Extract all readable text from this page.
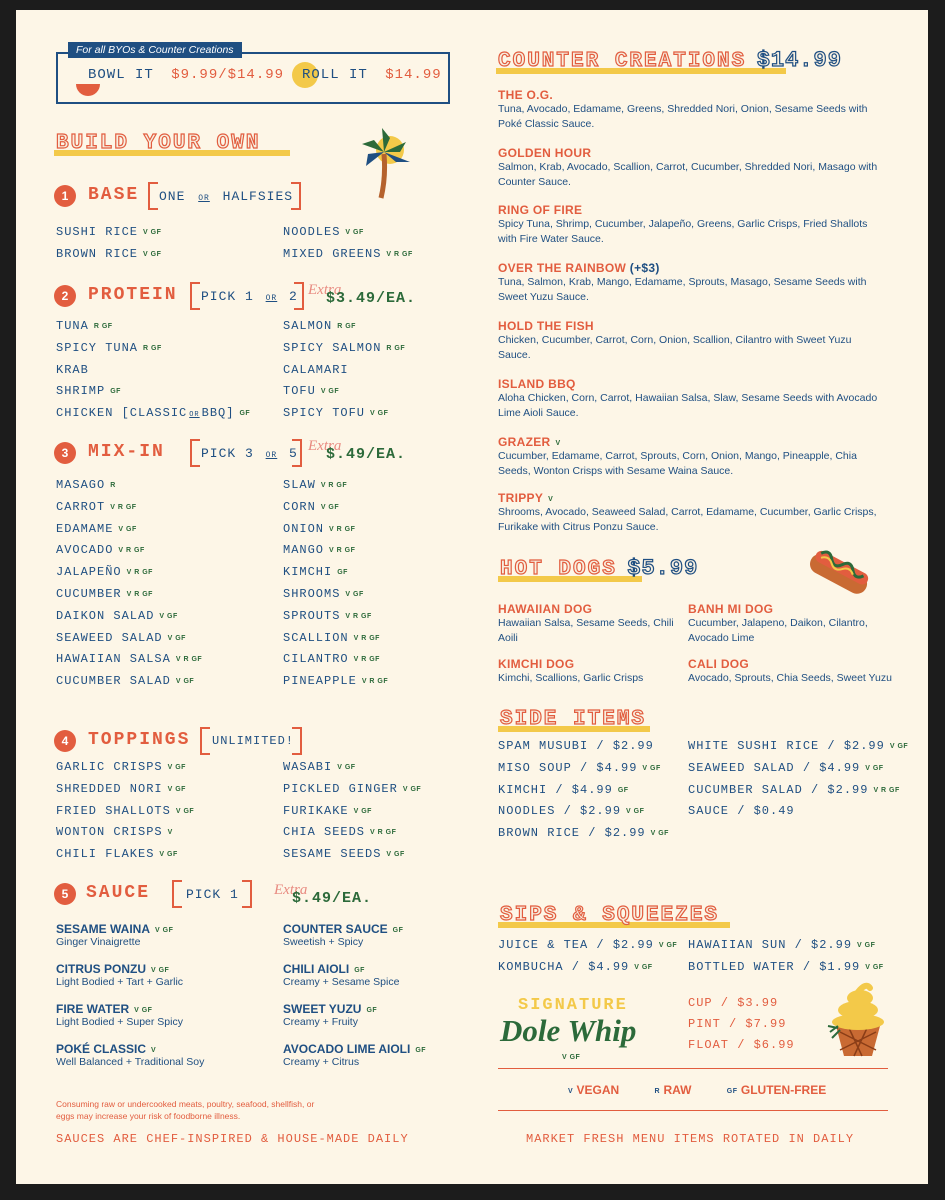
For all BYOs & Counter Creations
BOWL IT $9.99/$14.99 ROLL IT $14.99
BUILD YOUR OWN
1	BASE ONE OR HALFSIES
SUSHI RICE V GF
BROWN RICE V GF
NOODLES V GF
MIXED GREENS V R GF
2	PROTEIN PICK 1 OR 2 Extra
$3.49/EA.
TUNA R GF
SPICY TUNA R GF
KRAB
SHRIMP GF
CHICKEN [CLASSIC OR BBQ] GF
SALMON R GF
SPICY SALMON R GF
CALAMARI
TOFU V GF
SPICY TOFU V GF
3	MIX-IN	PICK 3 OR 5 Extra
$.49/EA.
MASAGO R
CARROT V R GF
EDAMAME V GF
AVOCADO V R GF
JALAPEÑO V R GF
CUCUMBER V R GF
DAIKON SALAD V GF
SEAWEED SALAD V GF
HAWAIIAN SALSA V R GF
CUCUMBER SALAD V GF
SLAW V R GF
CORN V GF
ONION V R GF
MANGO V R GF
KIMCHI GF
SHROOMS V GF
SPROUTS V R GF
SCALLION V R GF
CILANTRO V R GF
PINEAPPLE V R GF
4	TOPPINGS UNLIMITED!
GARLIC CRISPS V GF
SHREDDED NORI V GF
FRIED SHALLOTS V GF
WONTON CRISPS V
CHILI FLAKES V GF
WASABI V GF
PICKLED GINGER V GF
FURIKAKE V GF
CHIA SEEDS V R GF
SESAME SEEDS V GF
5 SAUCE	PICK 1 Extra
$.49/EA.
SESAME WAINA V GF
Ginger Vinaigrette
CITRUS PONZU V GF
Light Bodied + Tart + Garlic
FIRE WATER V GF
Light Bodied + Super Spicy
POKÉ CLASSIC V
Well Balanced + Traditional Soy
COUNTER SAUCE GF
Sweetish + Spicy
CHILI AIOLI GF
Creamy + Sesame Spice
SWEET YUZU GF
Creamy + Fruity
AVOCADO LIME AIOLI GF
Creamy + Citrus
Consuming raw or undercooked meats, poultry, seafood, shellfish, or eggs may increase your risk of foodborne illness.
SAUCES ARE CHEF-INSPIRED & HOUSE-MADE DAILY
COUNTER CREATIONS $14.99
THE O.G.
Tuna, Avocado, Edamame, Greens, Shredded Nori, Onion, Sesame Seeds with Poké Classic Sauce.
GOLDEN HOUR
Salmon, Krab, Avocado, Scallion, Carrot, Cucumber, Shredded Nori, Masago with Counter Sauce.
RING OF FIRE
Spicy Tuna, Shrimp, Cucumber, Jalapeño, Greens, Garlic Crisps, Fried Shallots with Fire Water Sauce.
OVER THE RAINBOW (+$3)
Tuna, Salmon, Krab, Mango, Edamame, Sprouts, Masago, Sesame Seeds with Sweet Yuzu Sauce.
HOLD THE FISH
Chicken, Cucumber, Carrot, Corn, Onion, Scallion, Cilantro with Sweet Yuzu Sauce.
ISLAND BBQ
Aloha Chicken, Corn, Carrot, Hawaiian Salsa, Slaw, Sesame Seeds with Avocado Lime Aioli Sauce.
GRAZER V
Cucumber, Edamame, Carrot, Sprouts, Corn, Onion, Mango, Pineapple, Chia Seeds, Wonton Crisps with Sesame Waina Sauce.
TRIPPY V
Shrooms, Avocado, Seaweed Salad, Carrot, Edamame, Cucumber, Garlic Crisps, Furikake with Citrus Ponzu Sauce.
HOT DOGS $5.99
HAWAIIAN DOG
Hawaiian Salsa, Sesame Seeds, Chili Aoili
BANH MI DOG
Cucumber, Jalapeno, Daikon, Cilantro, Avocado Lime
KIMCHI DOG
Kimchi, Scallions, Garlic Crisps
CALI DOG
Avocado, Sprouts, Chia Seeds, Sweet Yuzu
SIDE ITEMS
SPAM MUSUBI / $2.99
MISO SOUP / $4.99 V GF
KIMCHI / $4.99 GF
NOODLES / $2.99 V GF
BROWN RICE / $2.99 V GF
WHITE SUSHI RICE / $2.99 V GF
SEAWEED SALAD / $4.99 V GF
CUCUMBER SALAD / $2.99 V R GF
SAUCE / $0.49
SIPS & SQUEEZES
JUICE & TEA / $2.99 V GF
KOMBUCHA / $4.99 V GF
HAWAIIAN SUN / $2.99 V GF
BOTTLED WATER / $1.99 V GF
SIGNATURE
Dole Whip
V GF
CUP / $3.99
PINT / $7.99
FLOAT / $6.99
V VEGAN	R RAW	GF GLUTEN-FREE
MARKET FRESH MENU ITEMS ROTATED IN DAILY
